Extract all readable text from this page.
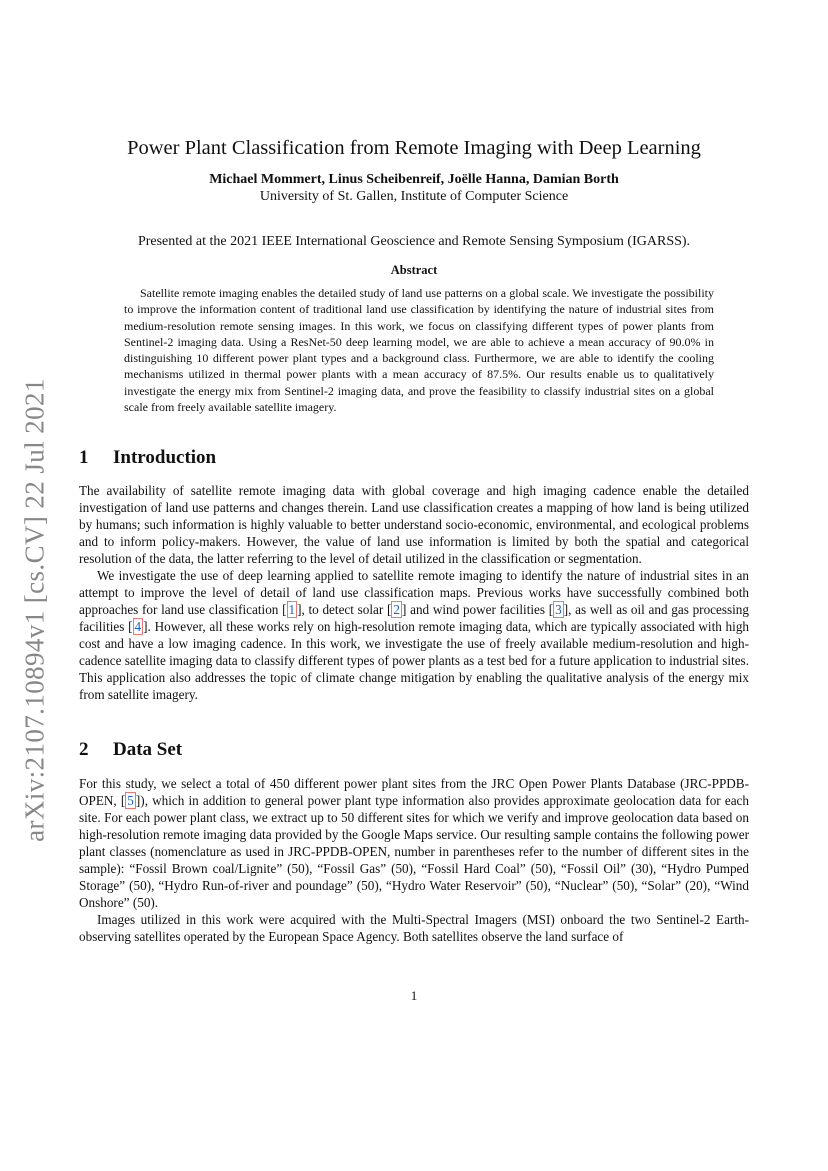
arXiv:2107.10894v1 [cs.CV] 22 Jul 2021
Power Plant Classification from Remote Imaging with Deep Learning
Michael Mommert, Linus Scheibenreif, Joëlle Hanna, Damian Borth
University of St. Gallen, Institute of Computer Science
Presented at the 2021 IEEE International Geoscience and Remote Sensing Symposium (IGARSS).
Abstract
Satellite remote imaging enables the detailed study of land use patterns on a global scale. We investigate the possibility to improve the information content of traditional land use classification by identifying the nature of industrial sites from medium-resolution remote sensing images. In this work, we focus on classifying different types of power plants from Sentinel-2 imaging data. Using a ResNet-50 deep learning model, we are able to achieve a mean accuracy of 90.0% in distinguishing 10 different power plant types and a background class. Furthermore, we are able to identify the cooling mechanisms utilized in thermal power plants with a mean accuracy of 87.5%. Our results enable us to qualitatively investigate the energy mix from Sentinel-2 imaging data, and prove the feasibility to classify industrial sites on a global scale from freely available satellite imagery.
1 Introduction

The availability of satellite remote imaging data with global coverage and high imaging cadence enable the detailed investigation of land use patterns and changes therein. Land use classification creates a mapping of how land is being utilized by humans; such information is highly valuable to better understand socio-economic, environmental, and ecological problems and to inform policy-makers. However, the value of land use information is limited by both the spatial and categorical resolution of the data, the latter referring to the level of detail utilized in the classification or segmentation.

We investigate the use of deep learning applied to satellite remote imaging to identify the nature of industrial sites in an attempt to improve the level of detail of land use classification maps. Previous works have successfully combined both approaches for land use classification [ 1 ], to detect solar [ 2 ] and wind power facilities [ 3 ], as well as oil and gas processing facilities [ 4 ]. However, all these works rely on high-resolution remote imaging data, which are typically associated with high cost and have a low imaging cadence. In this work, we investigate the use of freely available medium-resolution and high-cadence satellite imaging data to classify different types of power plants as a test bed for a future application to industrial sites. This application also addresses the topic of climate change mitigation by enabling the qualitative analysis of the energy mix from satellite imagery.

2 Data Set

For this study, we select a total of 450 different power plant sites from the JRC Open Power Plants Database (JRC-PPDB-OPEN, [ 5 ]), which in addition to general power plant type information also provides approximate geolocation data for each site. For each power plant class, we extract up to 50 different sites for which we verify and improve geolocation data based on high-resolution remote imaging data provided by the Google Maps service. Our resulting sample contains the following power plant classes (nomenclature as used in JRC-PPDB-OPEN, number in parentheses refer to the number of different sites in the sample): “Fossil Brown coal/Lignite” (50), “Fossil Gas” (50), “Fossil Hard Coal” (50), “Fossil Oil” (30), “Hydro Pumped Storage” (50), “Hydro Run-of-river and poundage” (50), “Hydro Water Reservoir” (50), “Nuclear” (50), “Solar” (20), “Wind Onshore” (50).

Images utilized in this work were acquired with the Multi-Spectral Imagers (MSI) onboard the two Sentinel-2 Earth-observing satellites operated by the European Space Agency. Both satellites observe the land surface of

1
